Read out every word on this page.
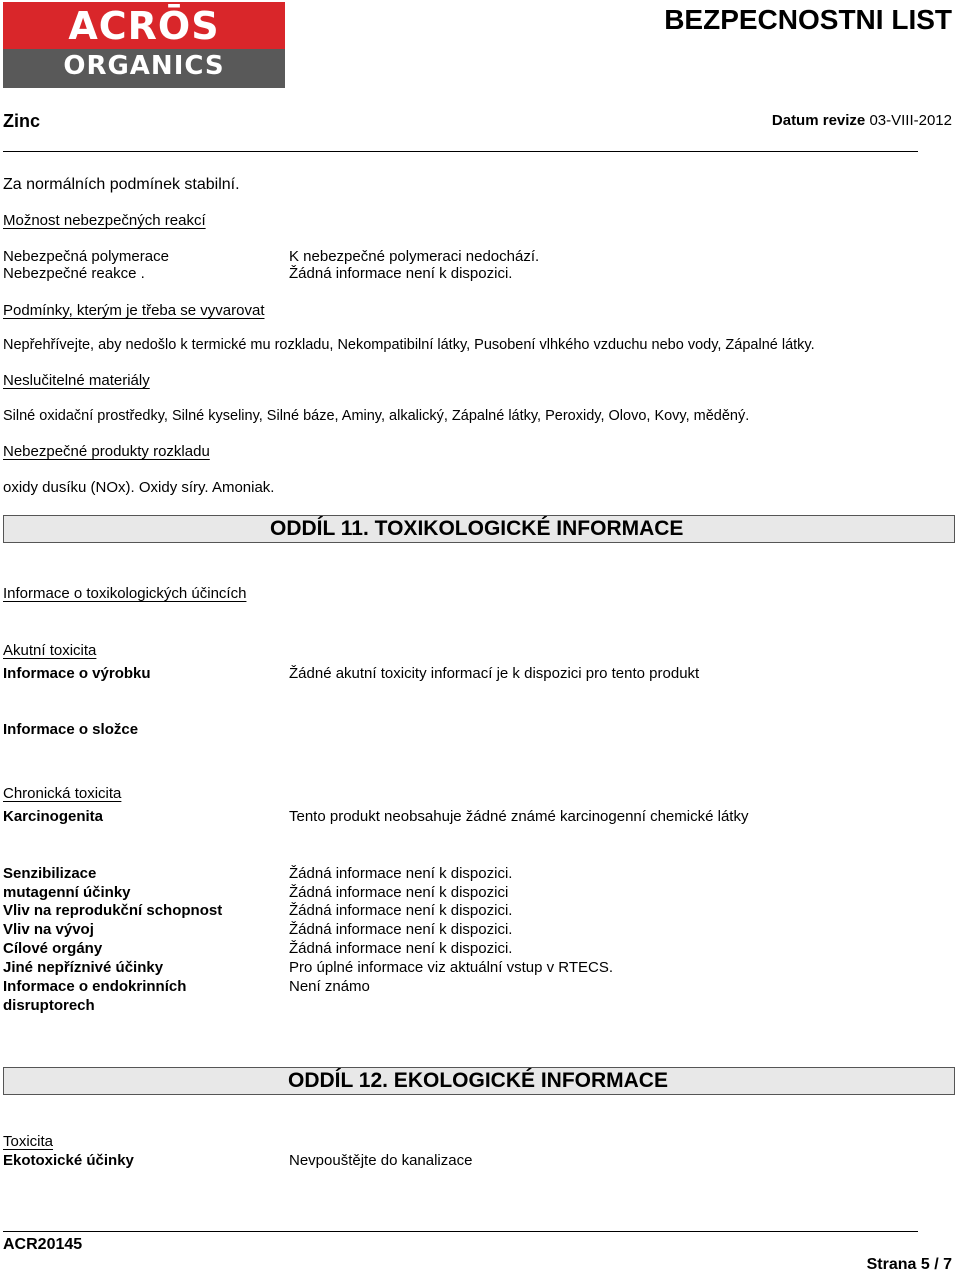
ACRŌS
ORGANICS
BEZPECNOSTNI LIST
Zinc	Datum revize 03-VIII-2012
Za normálních podmínek stabilní.
Možnost nebezpečných reakcí
Nebezpečná polymerace	K nebezpečné polymeraci nedochází.
Nebezpečné reakce .	Žádná informace není k dispozici.
Podmínky, kterým je třeba se vyvarovat
Nepřehřívejte, aby nedošlo k termické mu rozkladu, Nekompatibilní látky, Pusobení vlhkého vzduchu nebo vody, Zápalné látky.
Neslučitelné materiály
Silné oxidační prostředky, Silné kyseliny, Silné báze, Aminy, alkalický, Zápalné látky, Peroxidy, Olovo, Kovy, měděný.
Nebezpečné produkty rozkladu
oxidy dusíku (NOx). Oxidy síry. Amoniak.
ODDÍL 11. TOXIKOLOGICKÉ INFORMACE
Informace o toxikologických účincích
Akutní toxicita
Informace o výrobku	Žádné akutní toxicity informací je k dispozici pro tento produkt
Informace o složce
Chronická toxicita
Karcinogenita	Tento produkt neobsahuje žádné známé karcinogenní chemické látky
Senzibilizace	Žádná informace není k dispozici.
mutagenní účinky	Žádná informace není k dispozici
Vliv na reprodukční schopnost	Žádná informace není k dispozici.
Vliv na vývoj	Žádná informace není k dispozici.
Cílové orgány	Žádná informace není k dispozici.
Jiné nepříznivé účinky	Pro úplné informace viz aktuální vstup v RTECS.
Informace o endokrinních	Není známo
disruptorech
ODDÍL 12. EKOLOGICKÉ INFORMACE
Toxicita
Ekotoxické účinky	Nevpouštějte do kanalizace
ACR20145
Strana 5 / 7
